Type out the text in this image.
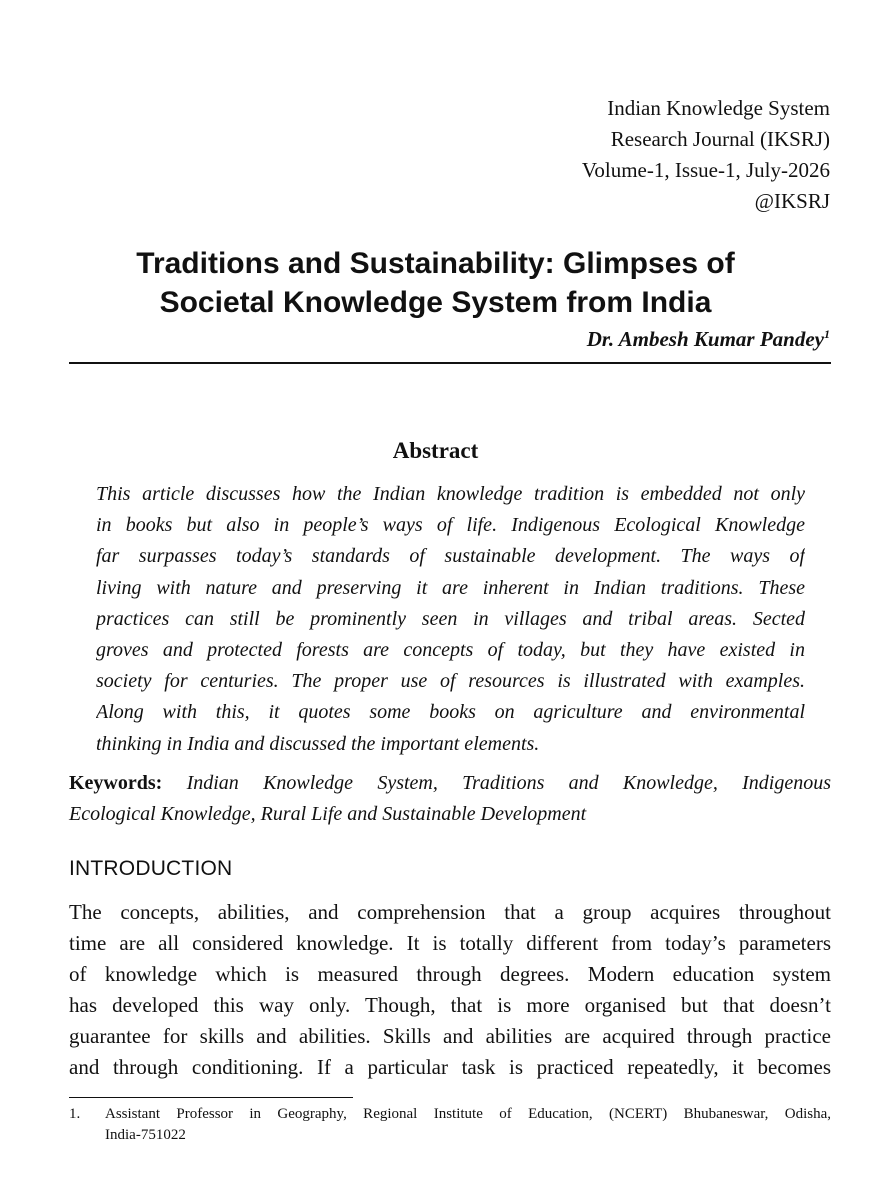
Indian Knowledge System
Research Journal (IKSRJ)
Volume-1, Issue-1, July-2026
@IKSRJ
Traditions and Sustainability: Glimpses of
Societal Knowledge System from India
Dr. Ambesh Kumar Pandey$^1$
Abstract
This article discusses how the Indian knowledge tradition is embedded not only
in books but also in people’s ways of life. Indigenous Ecological Knowledge
far surpasses today’s standards of sustainable development. The ways of
living with nature and preserving it are inherent in Indian traditions. These
practices can still be prominently seen in villages and tribal areas. Sected
groves and protected forests are concepts of today, but they have existed in
society for centuries. The proper use of resources is illustrated with examples.
Along with this, it quotes some books on agriculture and environmental
thinking in India and discussed the important elements.
Keywords: Indian Knowledge System, Traditions and Knowledge, Indigenous
Ecological Knowledge, Rural Life and Sustainable Development
INTRODUCTION
The concepts, abilities, and comprehension that a group acquires throughout
time are all considered knowledge. It is totally different from today’s parameters
of knowledge which is measured through degrees. Modern education system
has developed this way only. Though, that is more organised but that doesn’t
guarantee for skills and abilities. Skills and abilities are acquired through practice
and through conditioning. If a particular task is practiced repeatedly, it becomes
1. Assistant Professor in Geography, Regional Institute of Education, (NCERT) Bhubaneswar, Odisha,
India-751022
